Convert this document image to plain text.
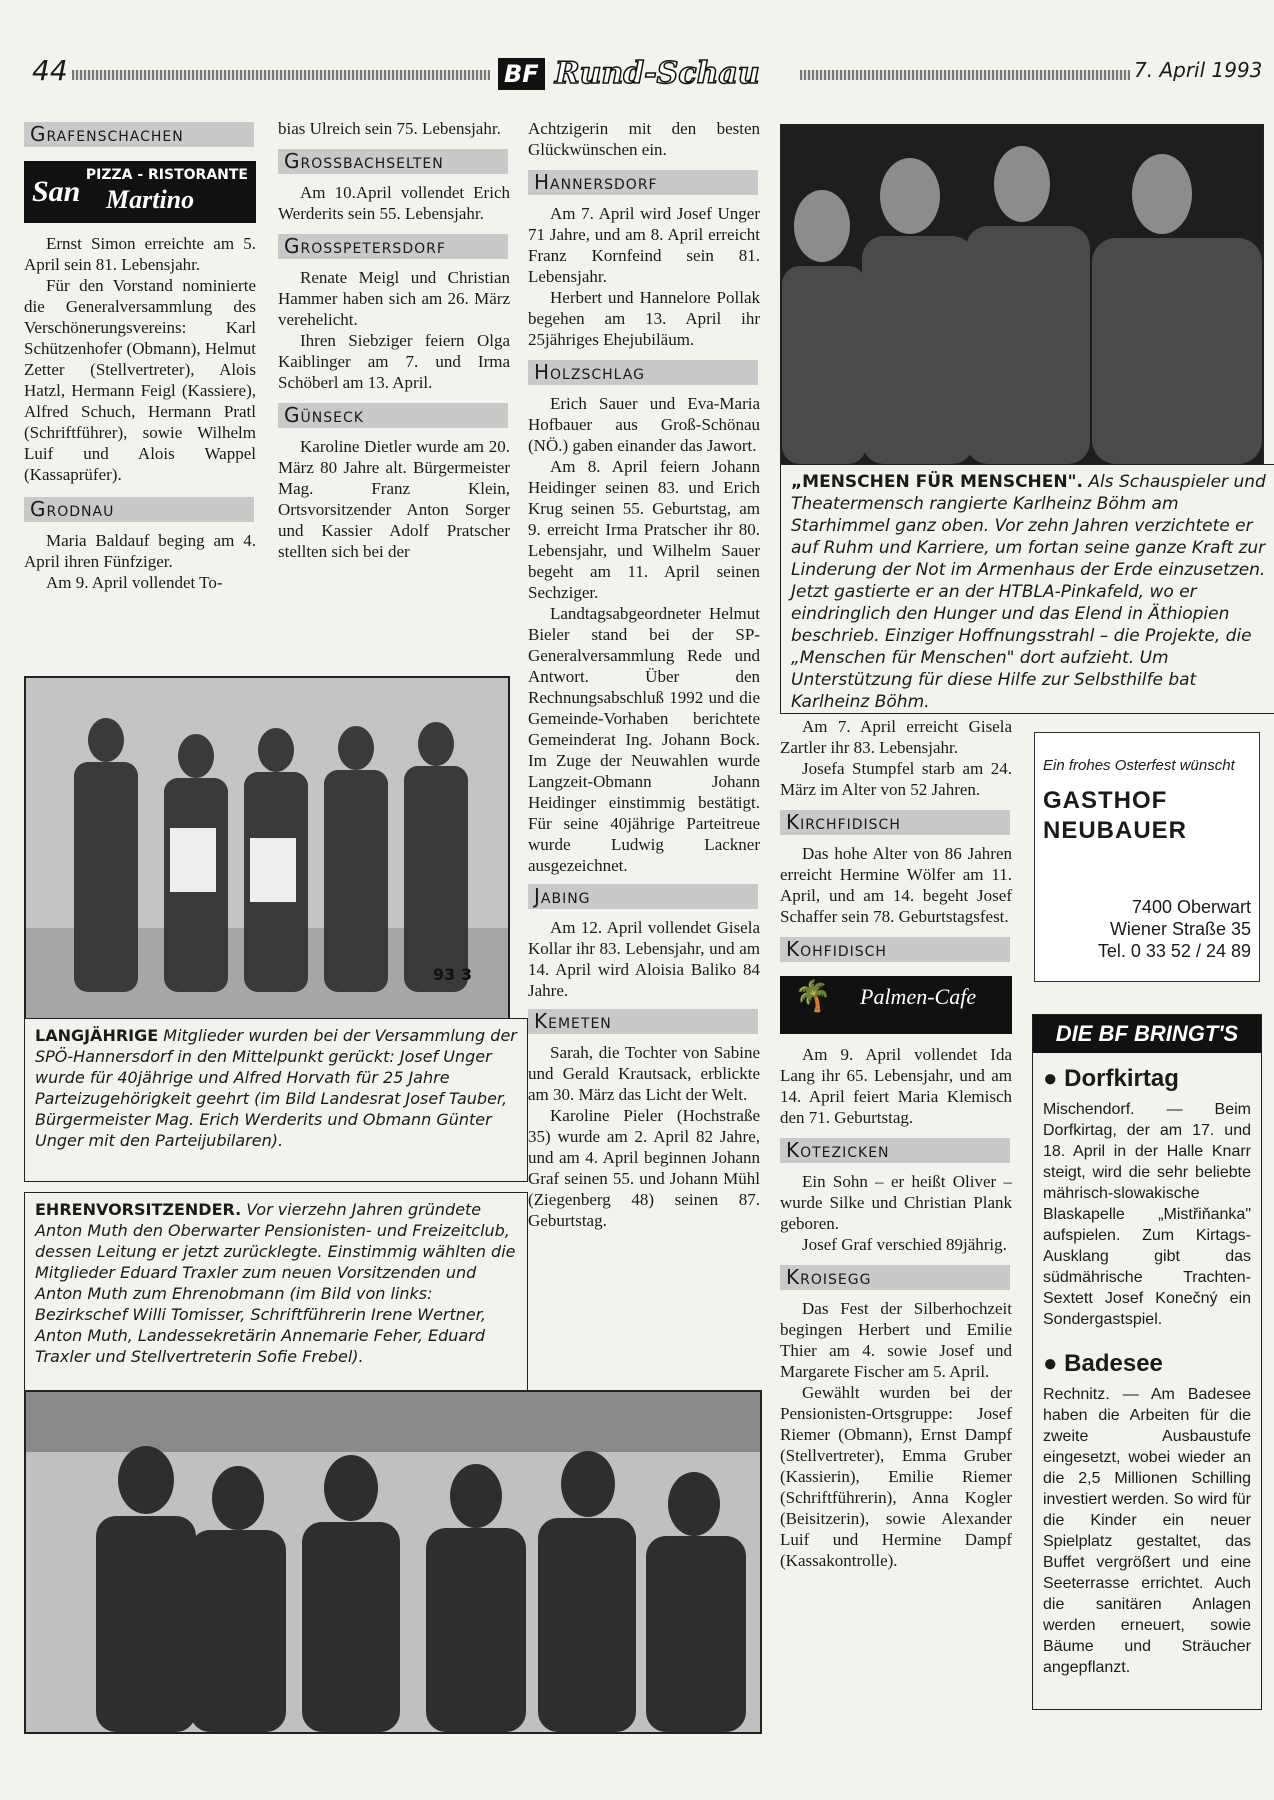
44	BF Rund-Schau	7. April 1993
Grafenschachen
PIZZA - RISTORANTE
San Martino

Ernst Simon erreichte am 5. April sein 81. Lebensjahr.

Für den Vorstand nominierte die Generalversammlung des Verschönerungsvereins: Karl Schützenhofer (Obmann), Helmut Zetter (Stellvertreter), Alois Hatzl, Hermann Feigl (Kassiere), Alfred Schuch, Hermann Pratl (Schriftführer), sowie Wilhelm Luif und Alois Wappel (Kassaprüfer).

Grodnau

Maria Baldauf beging am 4. April ihren Fünfziger.

Am 9. April vollendet To-

bias Ulreich sein 75. Lebensjahr.

Grossbachselten

Am 10.April vollendet Erich Werderits sein 55. Lebensjahr.

Grosspetersdorf

Renate Meigl und Christian Hammer haben sich am 26. März verehelicht.

Ihren Siebziger feiern Olga Kaiblinger am 7. und Irma Schöberl am 13. April.

Günseck

Karoline Dietler wurde am 20. März 80 Jahre alt. Bürgermeister Mag. Franz Klein, Ortsvorsitzender Anton Sorger und Kassier Adolf Pratscher stellten sich bei der

93 3
LANGJÄHRIGE Mitglieder wurden bei der Versammlung der SPÖ-Hannersdorf in den Mittelpunkt gerückt: Josef Unger wurde für 40jährige und Alfred Horvath für 25 Jahre Parteizugehörigkeit geehrt (im Bild Landesrat Josef Tauber, Bürgermeister Mag. Erich Werderits und Obmann Günter Unger mit den Parteijubilaren).
EHRENVORSITZENDER. Vor vierzehn Jahren gründete Anton Muth den Oberwarter Pensionisten- und Freizeitclub, dessen Leitung er jetzt zurücklegte. Einstimmig wählten die Mitglieder Eduard Traxler zum neuen Vorsitzenden und Anton Muth zum Ehrenobmann (im Bild von links: Bezirkschef Willi Tomisser, Schriftführerin Irene Wertner, Anton Muth, Landessekretärin Annemarie Feher, Eduard Traxler und Stellvertreterin Sofie Frebel).

Achtzigerin mit den besten Glückwünschen ein.

Hannersdorf

Am 7. April wird Josef Unger 71 Jahre, und am 8. April erreicht Franz Kornfeind sein 81. Lebensjahr.

Herbert und Hannelore Pollak begehen am 13. April ihr 25jähriges Ehejubiläum.

Holzschlag

Erich Sauer und Eva-Maria Hofbauer aus Groß-Schönau (NÖ.) gaben einander das Jawort.

Am 8. April feiern Johann Heidinger seinen 83. und Erich Krug seinen 55. Geburtstag, am 9. erreicht Irma Pratscher ihr 80. Lebensjahr, und Wilhelm Sauer begeht am 11. April seinen Sechziger.

Landtagsabgeordneter Helmut Bieler stand bei der SP-Generalversammlung Rede und Antwort. Über den Rechnungsabschluß 1992 und die Gemeinde-Vorhaben berichtete Gemeinderat Ing. Johann Bock. Im Zuge der Neuwahlen wurde Langzeit-Obmann Johann Heidinger einstimmig bestätigt. Für seine 40jährige Parteitreue wurde Ludwig Lackner ausgezeichnet.

Jabing

Am 12. April vollendet Gisela Kollar ihr 83. Lebensjahr, und am 14. April wird Aloisia Baliko 84 Jahre.

Kemeten

Sarah, die Tochter von Sabine und Gerald Krautsack, erblickte am 30. März das Licht der Welt.

Karoline Pieler (Hochstraße 35) wurde am 2. April 82 Jahre, und am 4. April beginnen Johann Graf seinen 55. und Johann Mühl (Ziegenberg 48) seinen 87. Geburtstag.

„MENSCHEN FÜR MENSCHEN". Als Schauspieler und Theatermensch rangierte Karlheinz Böhm am Starhimmel ganz oben. Vor zehn Jahren verzichtete er auf Ruhm und Karriere, um fortan seine ganze Kraft zur Linderung der Not im Armenhaus der Erde einzusetzen. Jetzt gastierte er an der HTBLA-Pinkafeld, wo er eindringlich den Hunger und das Elend in Äthiopien beschrieb. Einziger Hoffnungsstrahl – die Projekte, die „Menschen für Menschen" dort aufzieht. Um Unterstützung für diese Hilfe zur Selbsthilfe bat Karlheinz Böhm.

Am 7. April erreicht Gisela Zartler ihr 83. Lebensjahr.

Josefa Stumpfel starb am 24. März im Alter von 52 Jahren.

Kirchfidisch

Das hohe Alter von 86 Jahren erreicht Hermine Wölfer am 11. April, und am 14. begeht Josef Schaffer sein 78. Geburtstagsfest.

Kohfidisch
🌴 Palmen-Cafe

Am 9. April vollendet Ida Lang ihr 65. Lebensjahr, und am 14. April feiert Maria Klemisch den 71. Geburtstag.

Kotezicken

Ein Sohn – er heißt Oliver – wurde Silke und Christian Plank geboren.

Josef Graf verschied 89jährig.

Kroisegg

Das Fest der Silberhochzeit begingen Herbert und Emilie Thier am 4. sowie Josef und Margarete Fischer am 5. April.

Gewählt wurden bei der Pensionisten-Ortsgruppe: Josef Riemer (Obmann), Ernst Dampf (Stellvertreter), Emma Gruber (Kassierin), Emilie Riemer (Schriftführerin), Anna Kogler (Beisitzerin), sowie Alexander Luif und Hermine Dampf (Kassakontrolle).

Ein frohes Osterfest wünscht
GASTHOF
NEUBAUER
7400 Oberwart
Wiener Straße 35
Tel. 0 33 52 / 24 89
DIE BF BRINGT'S
● Dorfkirtag
Mischendorf. — Beim Dorfkirtag, der am 17. und 18. April in der Halle Knarr steigt, wird die sehr beliebte mährisch-slowakische Blaskapelle „Mistřiňanka" aufspielen. Zum Kirtags-Ausklang gibt das südmährische Trachten-Sextett Josef Konečný ein Sondergastspiel.
● Badesee
Rechnitz. — Am Badesee haben die Arbeiten für die zweite Ausbaustufe eingesetzt, wobei wieder an die 2,5 Millionen Schilling investiert werden. So wird für die Kinder ein neuer Spielplatz gestaltet, das Buffet vergrößert und eine Seeterrasse errichtet. Auch die sanitären Anlagen werden erneuert, sowie Bäume und Sträucher angepflanzt.
